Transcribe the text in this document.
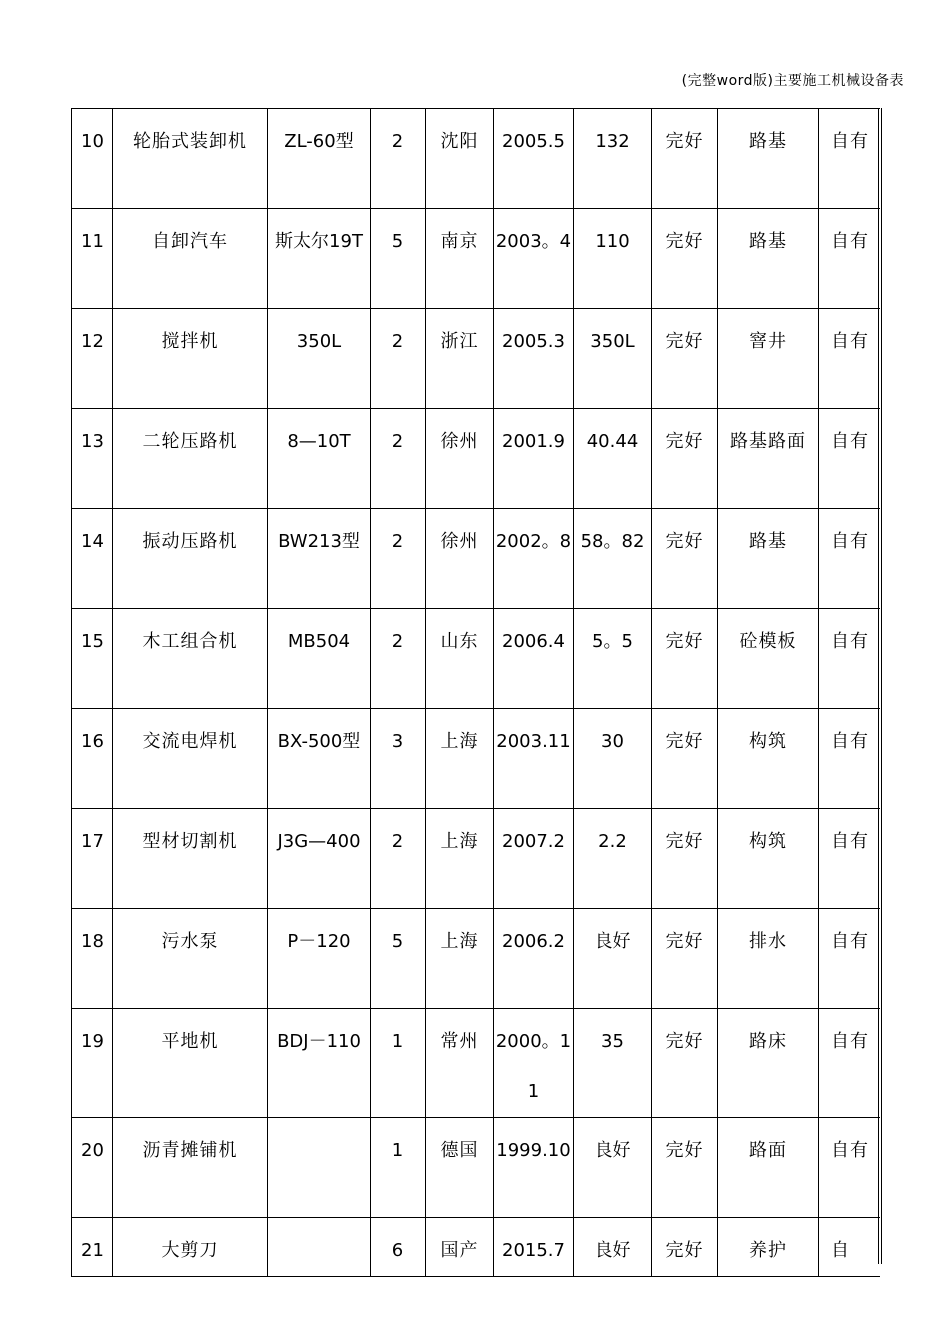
(完整word版)主要施工机械设备表
10	轮胎式装卸机	ZL-60型	2	沈阳	2005.5	132	完好	路基	自有
11	自卸汽车	斯太尔19T	5	南京	2003。4	110	完好	路基	自有
12	搅拌机	350L	2	浙江	2005.3	350L	完好	窨井	自有
13	二轮压路机	8—10T	2	徐州	2001.9	40.44	完好	路基路面	自有
14	振动压路机	BW213型	2	徐州	2002。8	58。82	完好	路基	自有
15	木工组合机	MB504	2	山东	2006.4	5。5	完好	砼模板	自有
16	交流电焊机	BX-500型	3	上海	2003.11	30	完好	构筑	自有
17	型材切割机	J3G—400	2	上海	2007.2	2.2	完好	构筑	自有
18	污水泵	P－120	5	上海	2006.2	良好	完好	排水	自有
19	平地机	BDJ－110	1	常州	2000。11	35	完好	路床	自有
20	沥青摊铺机		1	德国	1999.10	良好	完好	路面	自有
21	大剪刀		6	国产	2015.7	良好	完好	养护	自
